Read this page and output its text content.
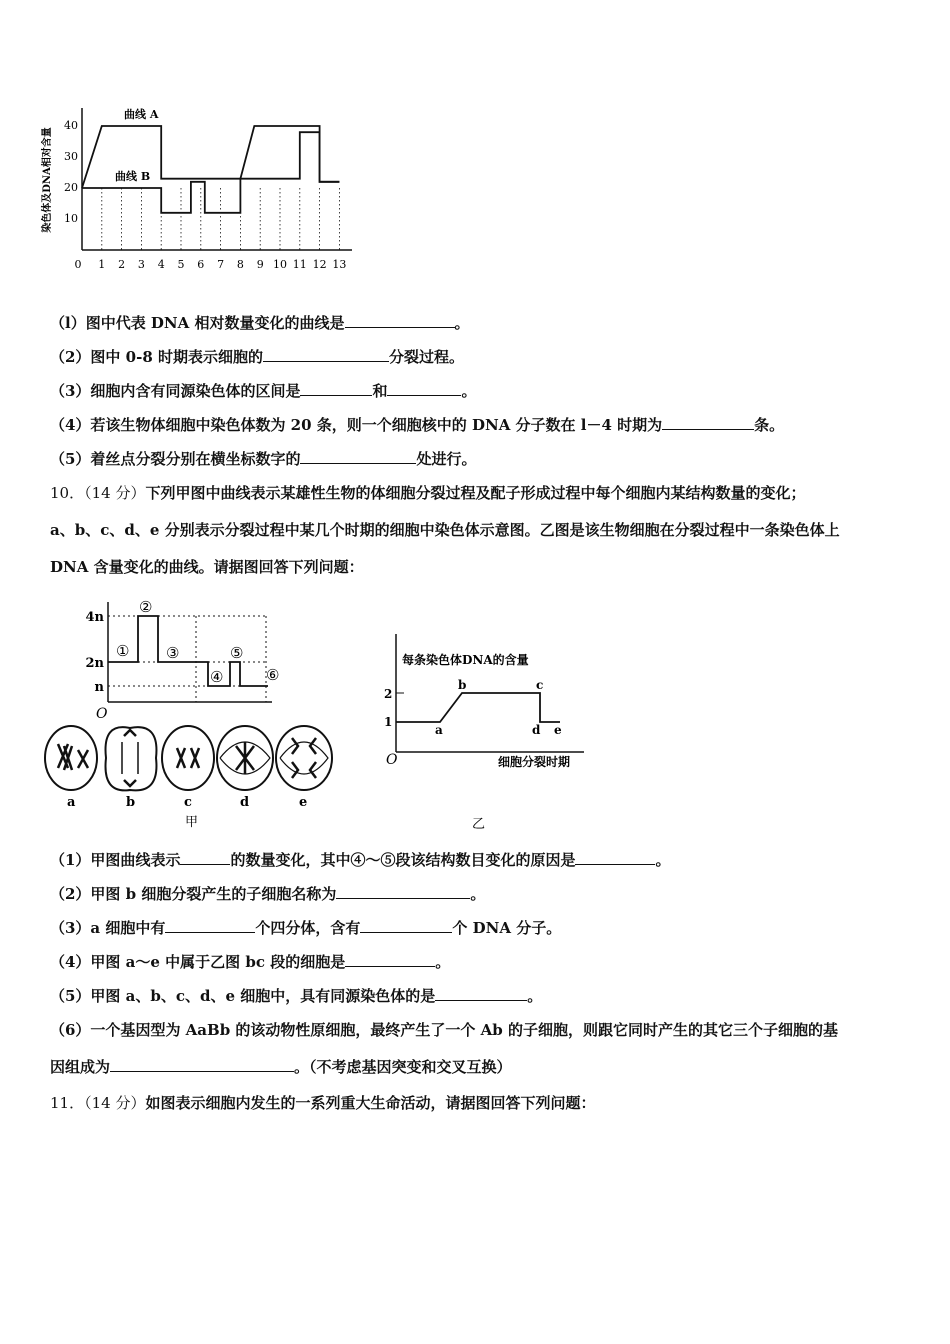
染色体及DNA相对含量
40
30
20
10
0 1 2 3 4 5 6 7 8 9 10 11 12 13
曲线 A
曲线 B
（l）图中代表 DNA 相对数量变化的曲线是	。
（2）图中 0-8 时期表示细胞的	分裂过程。
（3）细胞内含有同源染色体的区间是	和	。
（4）若该生物体细胞中染色体数为 20 条，则一个细胞核中的 DNA 分子数在 l－4 时期为	条。
（5）着丝点分裂分别在横坐标数字的	处进行。
10．（14 分）下列甲图中曲线表示某雄性生物的体细胞分裂过程及配子形成过程中每个细胞内某结构数量的变化；
a、b、c、d、e 分别表示分裂过程中某几个时期的细胞中染色体示意图。乙图是该生物细胞在分裂过程中一条染色体上
DNA 含量变化的曲线。请据图回答下列问题：
4n
2n
n
O
①
②
③
④
⑤
⑥
a	b	c	d	e
甲
每条染色体DNA的含量
2
1
a
b	c
d e
O	细胞分裂时期
乙
（1）甲图曲线表示	的数量变化，其中④～⑤段该结构数目变化的原因是	。
（2）甲图 b 细胞分裂产生的子细胞名称为	。
（3）a 细胞中有	个四分体，含有	个 DNA 分子。
（4）甲图 a～e 中属于乙图 bc 段的细胞是	。
（5）甲图 a、b、c、d、e 细胞中，具有同源染色体的是	。
（6）一个基因型为 AaBb 的该动物性原细胞，最终产生了一个 Ab 的子细胞，则跟它同时产生的其它三个子细胞的基
因组成为	。（不考虑基因突变和交叉互换）
11．（14 分）如图表示细胞内发生的一系列重大生命活动，请据图回答下列问题：
